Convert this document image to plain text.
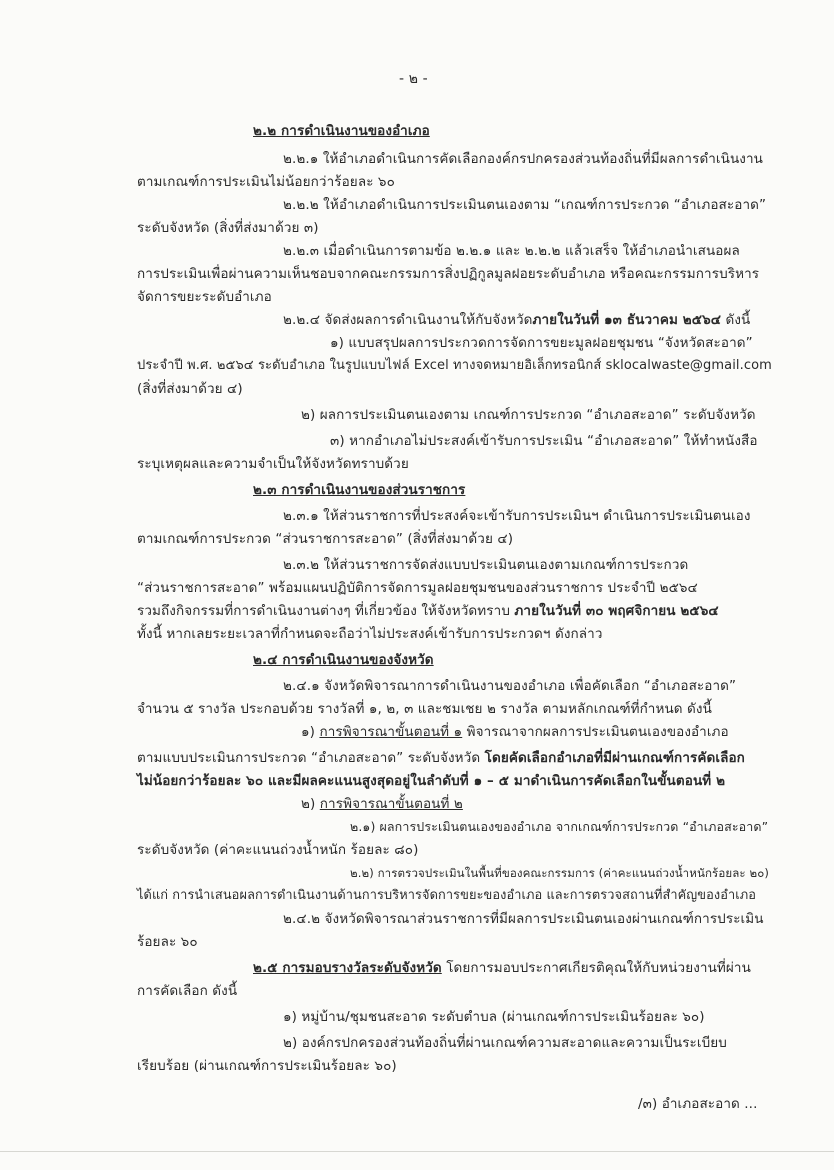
- ๒ -
๒.๒ การดำเนินงานของอำเภอ
๒.๒.๑ ให้อำเภอดำเนินการคัดเลือกองค์กรปกครองส่วนท้องถิ่นที่มีผลการดำเนินงาน
ตามเกณฑ์การประเมินไม่น้อยกว่าร้อยละ ๖๐
๒.๒.๒ ให้อำเภอดำเนินการประเมินตนเองตาม “เกณฑ์การประกวด “อำเภอสะอาด”
ระดับจังหวัด (สิ่งที่ส่งมาด้วย ๓)
๒.๒.๓ เมื่อดำเนินการตามข้อ ๒.๒.๑ และ ๒.๒.๒ แล้วเสร็จ ให้อำเภอนำเสนอผล
การประเมินเพื่อผ่านความเห็นชอบจากคณะกรรมการสิ่งปฏิกูลมูลฝอยระดับอำเภอ หรือคณะกรรมการบริหาร
จัดการขยะระดับอำเภอ
๒.๒.๔ จัดส่งผลการดำเนินงานให้กับจังหวัดภายในวันที่ ๑๓ ธันวาคม ๒๕๖๔ ดังนี้
๑) แบบสรุปผลการประกวดการจัดการขยะมูลฝอยชุมชน “จังหวัดสะอาด”
ประจำปี พ.ศ. ๒๕๖๔ ระดับอำเภอ ในรูปแบบไฟล์ Excel ทางจดหมายอิเล็กทรอนิกส์ sklocalwaste@gmail.com
(สิ่งที่ส่งมาด้วย ๔)
๒) ผลการประเมินตนเองตาม เกณฑ์การประกวด “อำเภอสะอาด” ระดับจังหวัด
๓) หากอำเภอไม่ประสงค์เข้ารับการประเมิน “อำเภอสะอาด” ให้ทำหนังสือ
ระบุเหตุผลและความจำเป็นให้จังหวัดทราบด้วย
๒.๓ การดำเนินงานของส่วนราชการ
๒.๓.๑ ให้ส่วนราชการที่ประสงค์จะเข้ารับการประเมินฯ ดำเนินการประเมินตนเอง
ตามเกณฑ์การประกวด “ส่วนราชการสะอาด” (สิ่งที่ส่งมาด้วย ๔)
๒.๓.๒ ให้ส่วนราชการจัดส่งแบบประเมินตนเองตามเกณฑ์การประกวด
“ส่วนราชการสะอาด” พร้อมแผนปฏิบัติการจัดการมูลฝอยชุมชนของส่วนราชการ ประจำปี ๒๕๖๔
รวมถึงกิจกรรมที่การดำเนินงานต่างๆ ที่เกี่ยวข้อง ให้จังหวัดทราบ ภายในวันที่ ๓๐ พฤศจิกายน ๒๕๖๔
ทั้งนี้ หากเลยระยะเวลาที่กำหนดจะถือว่าไม่ประสงค์เข้ารับการประกวดฯ ดังกล่าว
๒.๔ การดำเนินงานของจังหวัด
๒.๔.๑ จังหวัดพิจารณาการดำเนินงานของอำเภอ เพื่อคัดเลือก “อำเภอสะอาด”
จำนวน ๕ รางวัล ประกอบด้วย รางวัลที่ ๑, ๒, ๓ และชมเชย ๒ รางวัล ตามหลักเกณฑ์ที่กำหนด ดังนี้
๑) การพิจารณาขั้นตอนที่ ๑ พิจารณาจากผลการประเมินตนเองของอำเภอ
ตามแบบประเมินการประกวด “อำเภอสะอาด” ระดับจังหวัด โดยคัดเลือกอำเภอที่มีผ่านเกณฑ์การคัดเลือก
ไม่น้อยกว่าร้อยละ ๖๐ และมีผลคะแนนสูงสุดอยู่ในลำดับที่ ๑ – ๕ มาดำเนินการคัดเลือกในขั้นตอนที่ ๒
๒) การพิจารณาขั้นตอนที่ ๒
๒.๑) ผลการประเมินตนเองของอำเภอ จากเกณฑ์การประกวด “อำเภอสะอาด”
ระดับจังหวัด (ค่าคะแนนถ่วงน้ำหนัก ร้อยละ ๘๐)
๒.๒) การตรวจประเมินในพื้นที่ของคณะกรรมการ (ค่าคะแนนถ่วงน้ำหนักร้อยละ ๒๐)
ได้แก่ การนำเสนอผลการดำเนินงานด้านการบริหารจัดการขยะของอำเภอ และการตรวจสถานที่สำคัญของอำเภอ
๒.๔.๒ จังหวัดพิจารณาส่วนราชการที่มีผลการประเมินตนเองผ่านเกณฑ์การประเมิน
ร้อยละ ๖๐
๒.๕ การมอบรางวัลระดับจังหวัด โดยการมอบประกาศเกียรติคุณให้กับหน่วยงานที่ผ่าน
การคัดเลือก ดังนี้
๑) หมู่บ้าน/ชุมชนสะอาด ระดับตำบล (ผ่านเกณฑ์การประเมินร้อยละ ๖๐)
๒) องค์กรปกครองส่วนท้องถิ่นที่ผ่านเกณฑ์ความสะอาดและความเป็นระเบียบ
เรียบร้อย (ผ่านเกณฑ์การประเมินร้อยละ ๖๐)
/๓) อำเภอสะอาด ...
